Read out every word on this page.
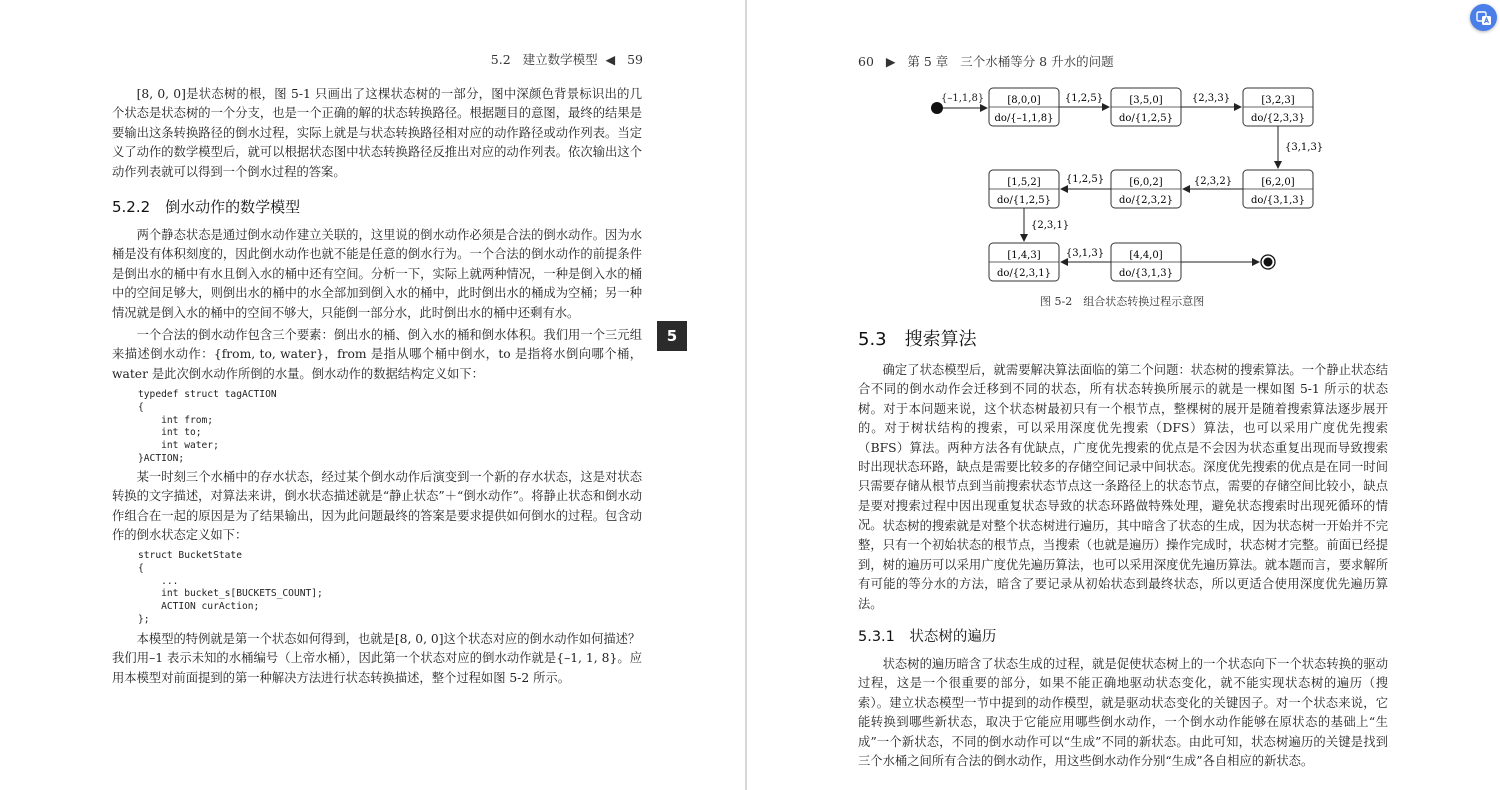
5.2 建立数学模型 ◀ 59

[8, 0, 0]是状态树的根，图 5-1 只画出了这棵状态树的一部分，图中深颜色背景标识出的几个状态是状态树的一个分支，也是一个正确的解的状态转换路径。根据题目的意图，最终的结果是要输出这条转换路径的倒水过程，实际上就是与状态转换路径相对应的动作路径或动作列表。当定义了动作的数学模型后，就可以根据状态图中状态转换路径反推出对应的动作列表。依次输出这个动作列表就可以得到一个倒水过程的答案。

5.2.2　倒水动作的数学模型

两个静态状态是通过倒水动作建立关联的，这里说的倒水动作必须是合法的倒水动作。因为水桶是没有体积刻度的，因此倒水动作也就不能是任意的倒水行为。一个合法的倒水动作的前提条件是倒出水的桶中有水且倒入水的桶中还有空间。分析一下，实际上就两种情况，一种是倒入水的桶中的空间足够大，则倒出水的桶中的水全部加到倒入水的桶中，此时倒出水的桶成为空桶；另一种情况就是倒入水的桶中的空间不够大，只能倒一部分水，此时倒出水的桶中还剩有水。

一个合法的倒水动作包含三个要素：倒出水的桶、倒入水的桶和倒水体积。我们用一个三元组来描述倒水动作：{from, to, water}，from 是指从哪个桶中倒水，to 是指将水倒向哪个桶，water 是此次倒水动作所倒的水量。倒水动作的数据结构定义如下：

typedef struct tagACTION
{
int from;
int to;
int water;
}ACTION;

某一时刻三个水桶中的存水状态，经过某个倒水动作后演变到一个新的存水状态，这是对状态转换的文字描述，对算法来讲，倒水状态描述就是“静止状态”＋“倒水动作”。将静止状态和倒水动作组合在一起的原因是为了结果输出，因为此问题最终的答案是要求提供如何倒水的过程。包含动作的倒水状态定义如下：

struct BucketState
{
...
int bucket_s[BUCKETS_COUNT];
ACTION curAction;
};

本模型的特例就是第一个状态如何得到，也就是[8, 0, 0]这个状态对应的倒水动作如何描述？

我们用–1 表示未知的水桶编号（上帝水桶），因此第一个状态对应的倒水动作就是{–1, 1, 8}。应用本模型对前面提到的第一种解决方法进行状态转换描述，整个过程如图 5-2 所示。

5
60 ▶ 第 5 章 三个水桶等分 8 升水的问题
{–1,1,8} [8,0,0]
do/{–1,1,8}
{1,2,5}	[3,5,0]
do/{1,2,5}
{2,3,3}	[3,2,3]
do/{2,3,3}
{3,1,3}
[6,2,0]
do/{3,1,3}
{2,3,2}
[6,0,2]
do/{2,3,2}
{1,2,5}
[1,5,2]
do/{1,2,5}
{2,3,1}
[1,4,3]
do/{2,3,1}
[4,4,0]
do/{3,1,3}
{3,1,3}
图 5-2　组合状态转换过程示意图
5.3　搜索算法

确定了状态模型后，就需要解决算法面临的第二个问题：状态树的搜索算法。一个静止状态结合不同的倒水动作会迁移到不同的状态，所有状态转换所展示的就是一棵如图 5-1 所示的状态树。对于本问题来说，这个状态树最初只有一个根节点，整棵树的展开是随着搜索算法逐步展开的。对于树状结构的搜索，可以采用深度优先搜索（DFS）算法，也可以采用广度优先搜索（BFS）算法。两种方法各有优缺点，广度优先搜索的优点是不会因为状态重复出现而导致搜索时出现状态环路，缺点是需要比较多的存储空间记录中间状态。深度优先搜索的优点是在同一时间只需要存储从根节点到当前搜索状态节点这一条路径上的状态节点，需要的存储空间比较小，缺点是要对搜索过程中因出现重复状态导致的状态环路做特殊处理，避免状态搜索时出现死循环的情况。 状态树的搜索就是对整个状态树进行遍历，其中暗含了状态的生成，因为状态树一开始并不完整，只有一个初始状态的根节点，当搜索（也就是遍历）操作完成时，状态树才完整。前面已经提到，树的遍历可以采用广度优先遍历算法，也可以采用深度优先遍历算法。就本题而言，要求解所有可能的等分水的方法，暗含了要记录从初始状态到最终状态，所以更适合使用深度优先遍历算法。

5.3.1　状态树的遍历

状态树的遍历暗含了状态生成的过程，就是促使状态树上的一个状态向下一个状态转换的驱动过程，这是一个很重要的部分，如果不能正确地驱动状态变化，就不能实现状态树的遍历（搜索）。建立状态模型一节中提到的动作模型，就是驱动状态变化的关键因子。对一个状态来说，它能转换到哪些新状态，取决于它能应用哪些倒水动作，一个倒水动作能够在原状态的基础上“生成”一个新状态，不同的倒水动作可以“生成”不同的新状态。由此可知，状态树遍历的关键是找到三个水桶之间所有合法的倒水动作，用这些倒水动作分别“生成”各自相应的新状态。
